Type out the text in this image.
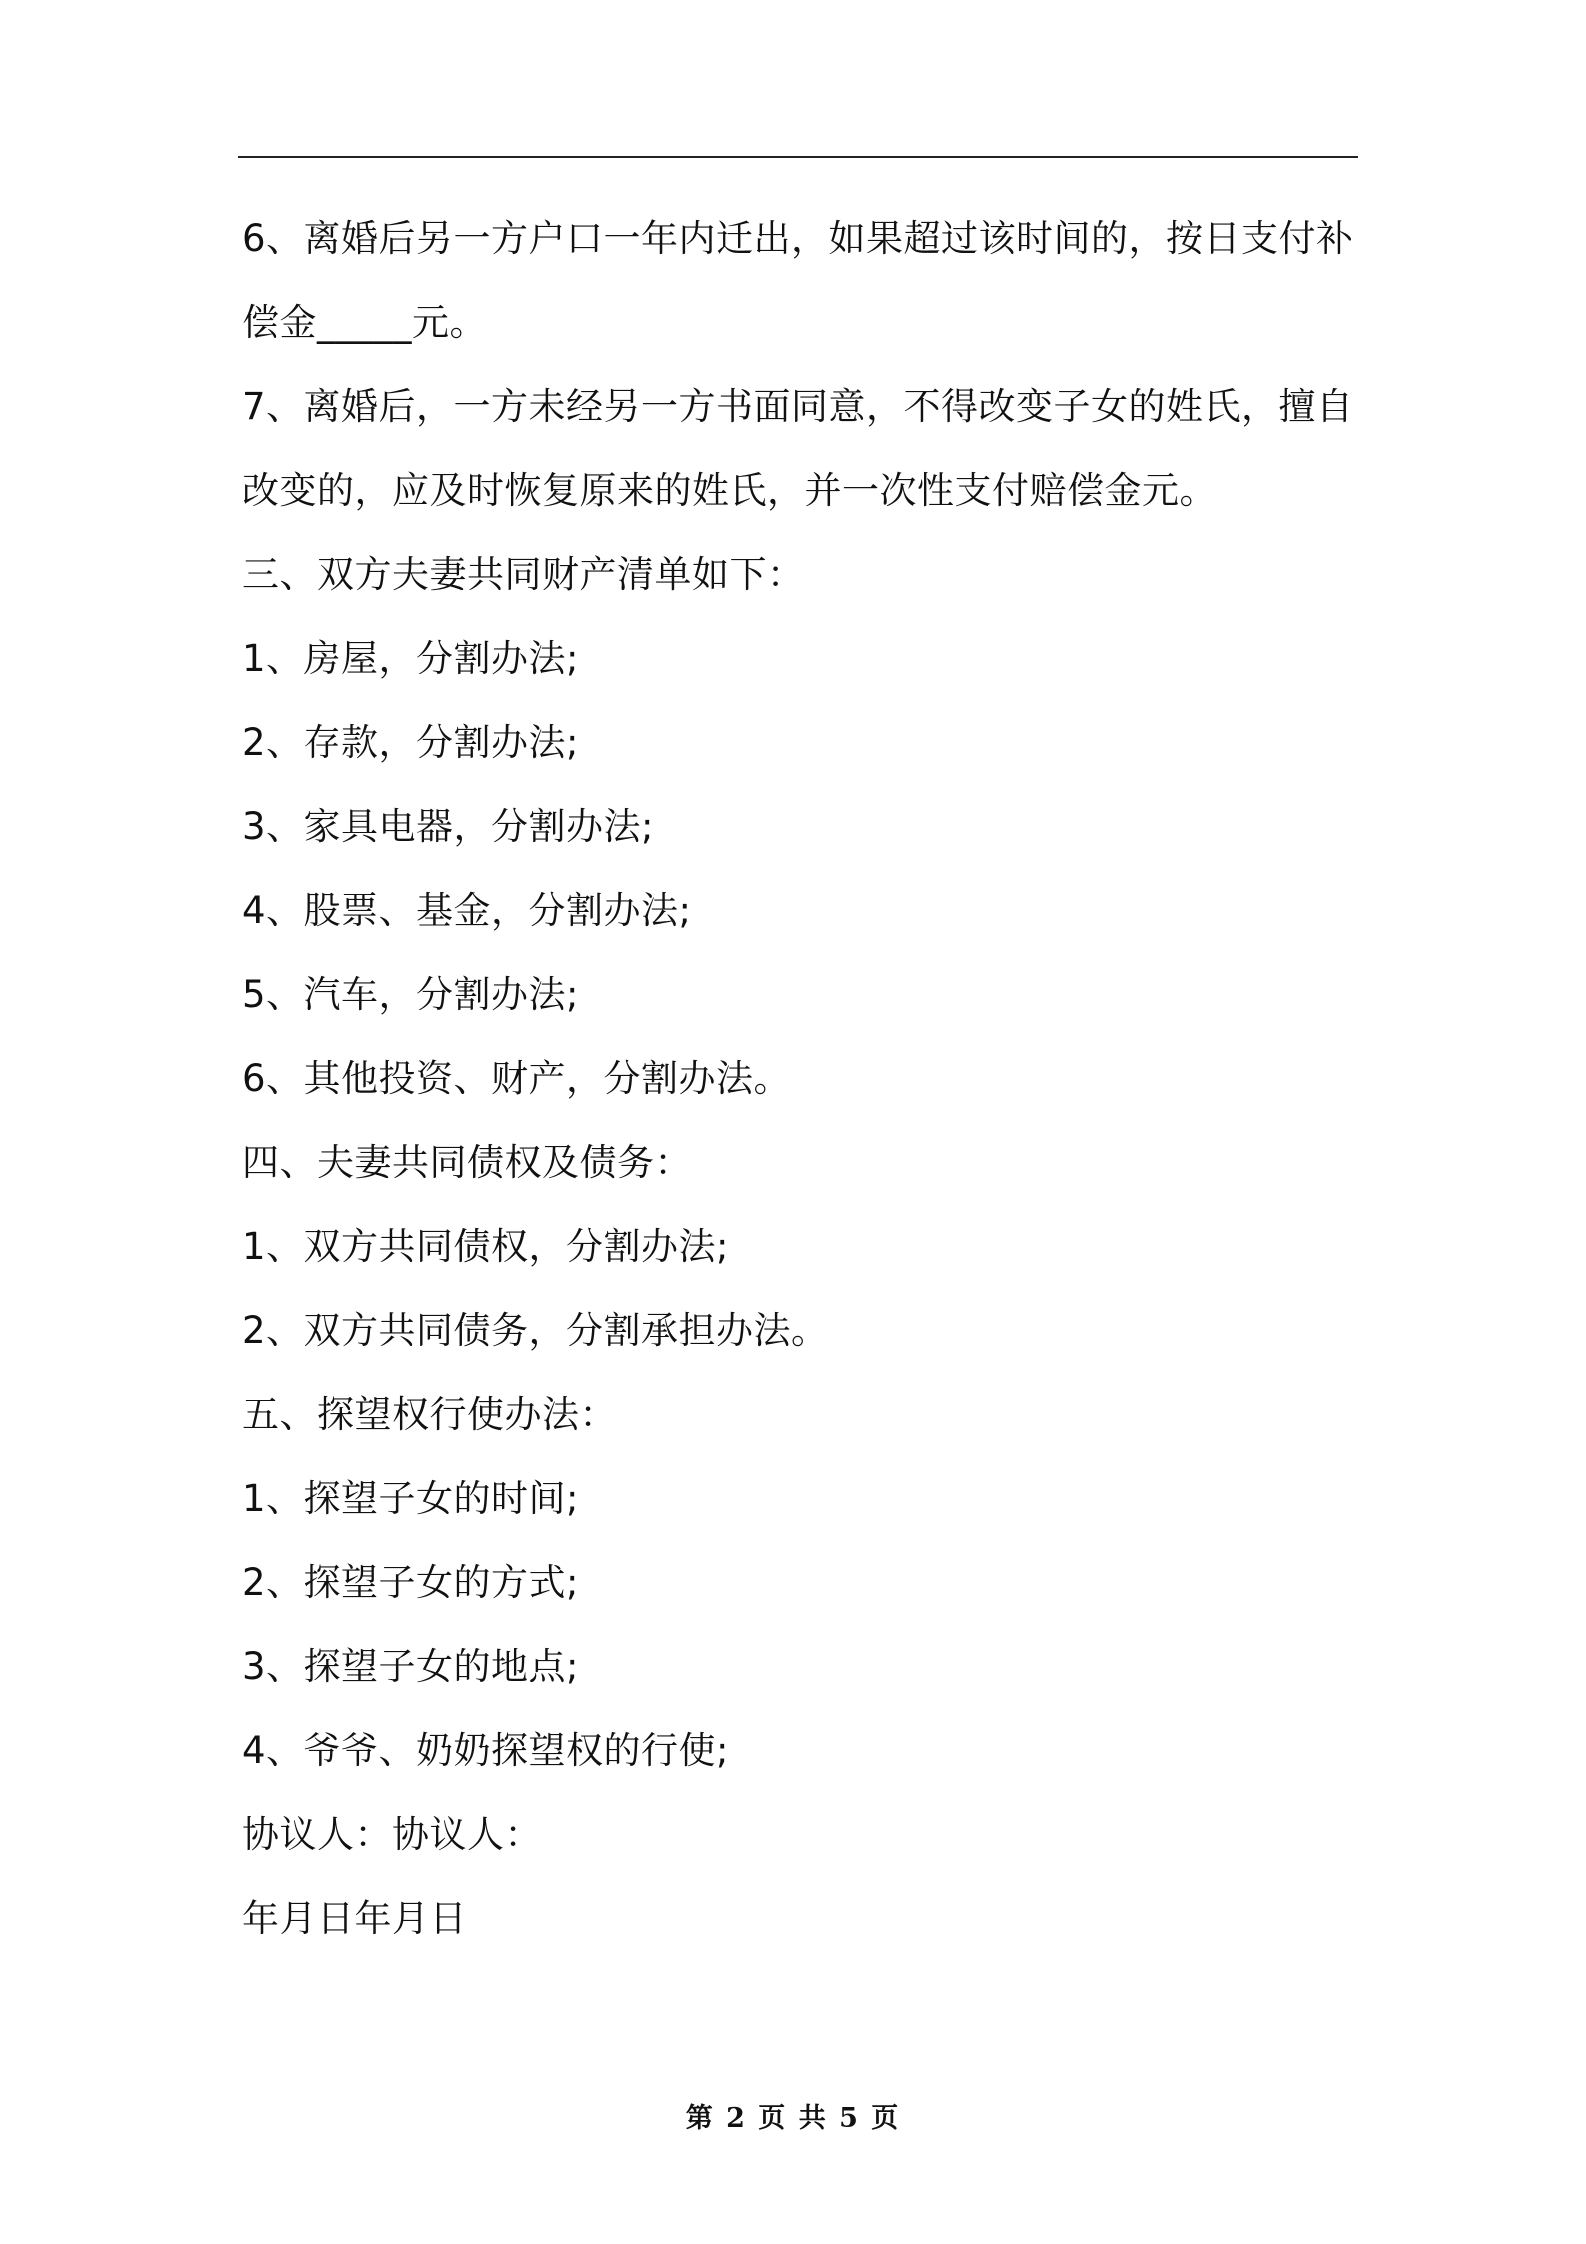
6、离婚后另一方户口一年内迁出，如果超过该时间的，按日支付补
偿金_____元。
7、离婚后，一方未经另一方书面同意，不得改变子女的姓氏，擅自
改变的，应及时恢复原来的姓氏，并一次性支付赔偿金元。
三、双方夫妻共同财产清单如下：
1、房屋，分割办法;
2、存款，分割办法;
3、家具电器，分割办法;
4、股票、基金，分割办法;
5、汽车，分割办法;
6、其他投资、财产，分割办法。
四、夫妻共同债权及债务：
1、双方共同债权，分割办法;
2、双方共同债务，分割承担办法。
五、探望权行使办法：
1、探望子女的时间;
2、探望子女的方式;
3、探望子女的地点;
4、爷爷、奶奶探望权的行使;
协议人：协议人：
年月日年月日
第 2 页 共 5 页
